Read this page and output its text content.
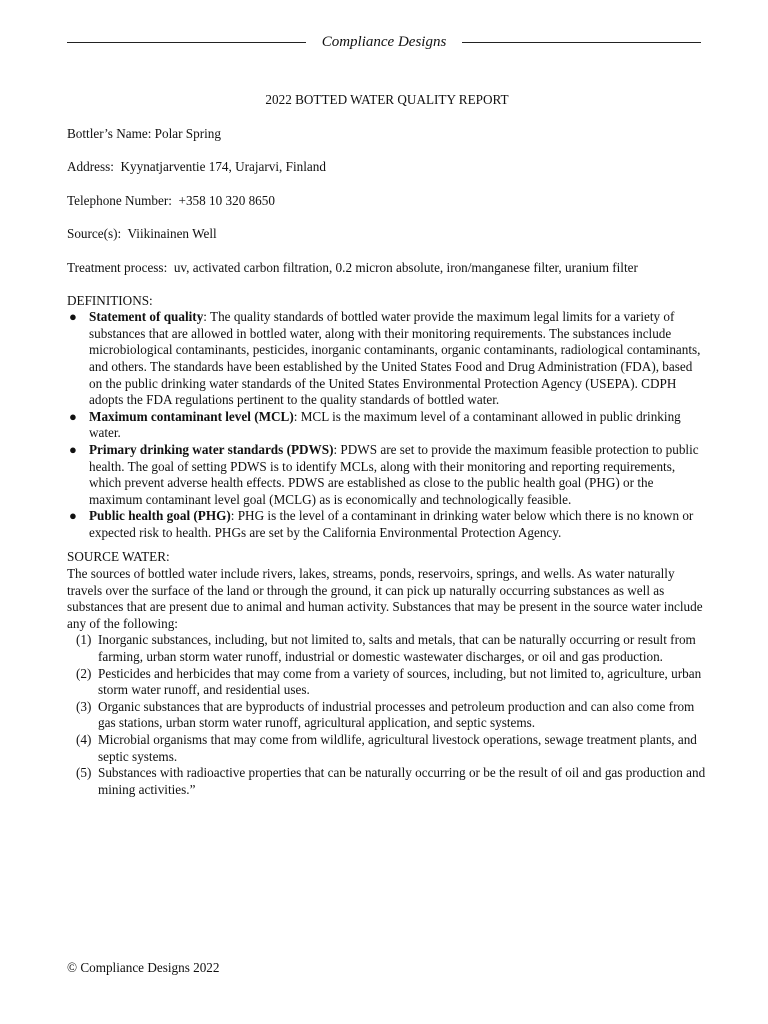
Compliance Designs

2022 BOTTED WATER QUALITY REPORT

Bottler’s Name: Polar Spring

Address:  Kyynatjarventie 174, Urajarvi, Finland

Telephone Number:  +358 10 320 8650

Source(s):  Viikinainen Well

Treatment process:  uv, activated carbon filtration, 0.2 micron absolute, iron/manganese filter, uranium filter

DEFINITIONS:

● Statement of quality: The quality standards of bottled water provide the maximum legal limits for a variety of substances that are allowed in bottled water, along with their monitoring requirements. The substances include microbiological contaminants, pesticides, inorganic contaminants, organic contaminants, radiological contaminants, and others. The standards have been established by the United States Food and Drug Administration (FDA), based on the public drinking water standards of the United States Environmental Protection Agency (USEPA). CDPH adopts the FDA regulations pertinent to the quality standards of bottled water.
● Maximum contaminant level (MCL): MCL is the maximum level of a contaminant allowed in public drinking water.
● Primary drinking water standards (PDWS): PDWS are set to provide the maximum feasible protection to public health. The goal of setting PDWS is to identify MCLs, along with their monitoring and reporting requirements, which prevent adverse health effects. PDWS are established as close to the public health goal (PHG) or the maximum contaminant level goal (MCLG) as is economically and technologically feasible.
● Public health goal (PHG): PHG is the level of a contaminant in drinking water below which there is no known or expected risk to health. PHGs are set by the California Environmental Protection Agency.

SOURCE WATER:

The sources of bottled water include rivers, lakes, streams, ponds, reservoirs, springs, and wells. As water naturally travels over the surface of the land or through the ground, it can pick up naturally occurring substances as well as substances that are present due to animal and human activity. Substances that may be present in the source water include any of the following:

(1) Inorganic substances, including, but not limited to, salts and metals, that can be naturally occurring or result from farming, urban storm water runoff, industrial or domestic wastewater discharges, or oil and gas production.
(2) Pesticides and herbicides that may come from a variety of sources, including, but not limited to, agriculture, urban storm water runoff, and residential uses.
(3) Organic substances that are byproducts of industrial processes and petroleum production and can also come from gas stations, urban storm water runoff, agricultural application, and septic systems.
(4) Microbial organisms that may come from wildlife, agricultural livestock operations, sewage treatment plants, and septic systems.
(5) Substances with radioactive properties that can be naturally occurring or be the result of oil and gas production and mining activities.”
© Compliance Designs 2022
